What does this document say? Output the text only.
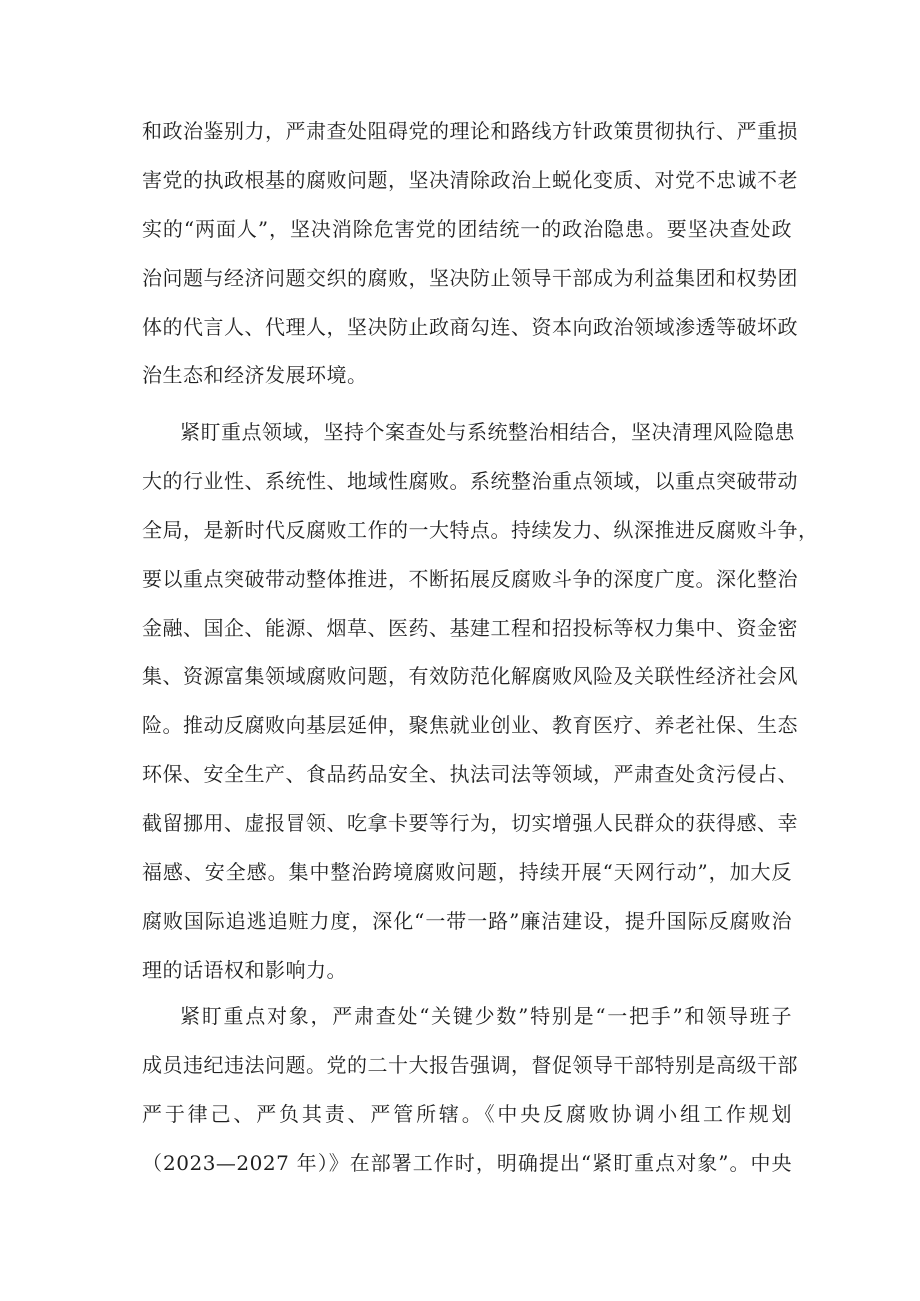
和政治鉴别力，严肃查处阻碍党的理论和路线方针政策贯彻执行、严重损
害党的执政根基的腐败问题，坚决清除政治上蜕化变质、对党不忠诚不老
实的“两面人”，坚决消除危害党的团结统一的政治隐患。要坚决查处政
治问题与经济问题交织的腐败，坚决防止领导干部成为利益集团和权势团
体的代言人、代理人，坚决防止政商勾连、资本向政治领域渗透等破坏政
治生态和经济发展环境。
紧盯重点领域，坚持个案查处与系统整治相结合，坚决清理风险隐患
大的行业性、系统性、地域性腐败。系统整治重点领域，以重点突破带动
全局，是新时代反腐败工作的一大特点。持续发力、纵深推进反腐败斗争，
要以重点突破带动整体推进，不断拓展反腐败斗争的深度广度。深化整治
金融、国企、能源、烟草、医药、基建工程和招投标等权力集中、资金密
集、资源富集领域腐败问题，有效防范化解腐败风险及关联性经济社会风
险。推动反腐败向基层延伸，聚焦就业创业、教育医疗、养老社保、生态
环保、安全生产、食品药品安全、执法司法等领域，严肃查处贪污侵占、
截留挪用、虚报冒领、吃拿卡要等行为，切实增强人民群众的获得感、幸
福感、安全感。集中整治跨境腐败问题，持续开展“天网行动”，加大反
腐败国际追逃追赃力度，深化“一带一路”廉洁建设，提升国际反腐败治
理的话语权和影响力。
紧盯重点对象，严肃查处“关键少数”特别是“一把手”和领导班子
成员违纪违法问题。党的二十大报告强调，督促领导干部特别是高级干部
严于律己、严负其责、严管所辖。《中央反腐败协调小组工作规划
（2023—2027 年）》在部署工作时，明确提出“紧盯重点对象”。中央
